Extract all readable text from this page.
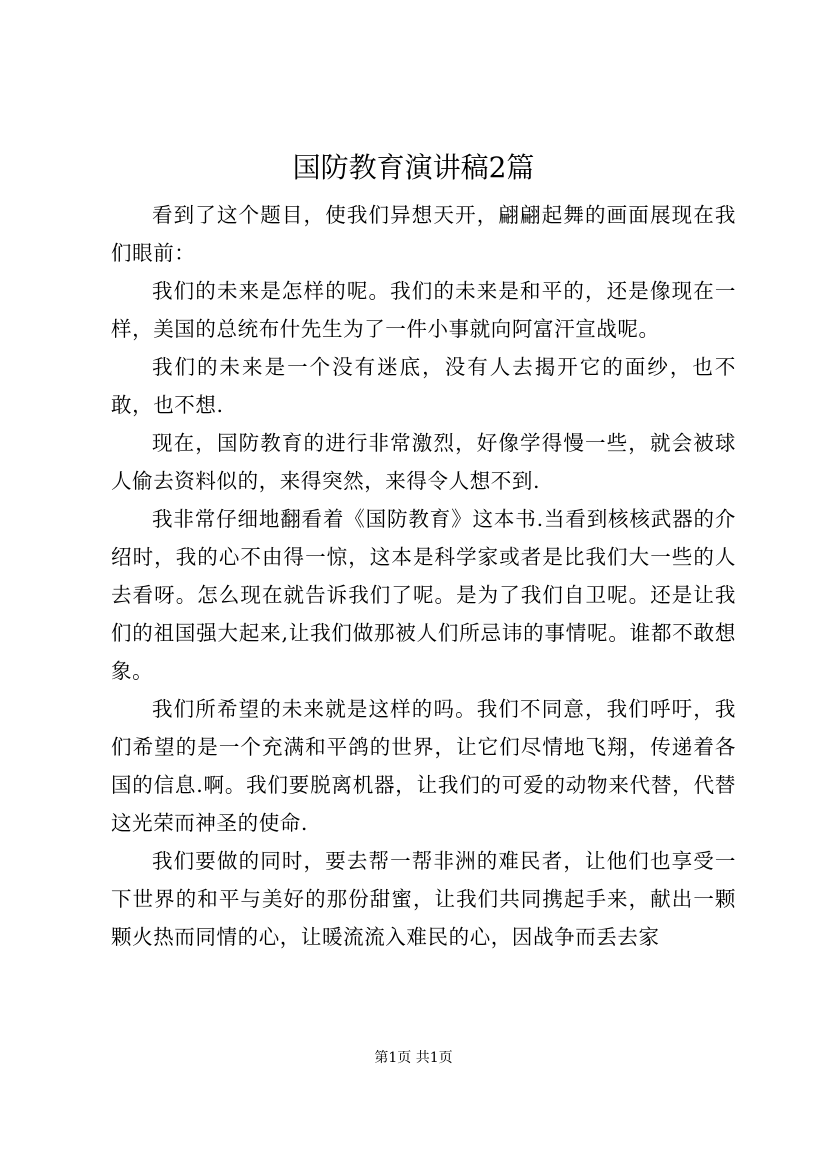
国防教育演讲稿2篇

看到了这个题目，使我们异想天开，翩翩起舞的画面展现在我们眼前：

我们的未来是怎样的呢。我们的未来是和平的，还是像现在一样，美国的总统布什先生为了一件小事就向阿富汗宣战呢。

我们的未来是一个没有迷底，没有人去揭开它的面纱，也不敢，也不想.

现在，国防教育的进行非常激烈，好像学得慢一些，就会被球人偷去资料似的，来得突然，来得令人想不到.

我非常仔细地翻看着《国防教育》这本书.当看到核核武器的介绍时，我的心不由得一惊，这本是科学家或者是比我们大一些的人去看呀。怎么现在就告诉我们了呢。是为了我们自卫呢。还是让我们的祖国强大起来,让我们做那被人们所忌讳的事情呢。谁都不敢想象。

我们所希望的未来就是这样的吗。我们不同意，我们呼吁，我们希望的是一个充满和平鸽的世界，让它们尽情地飞翔，传递着各国的信息.啊。我们要脱离机器，让我们的可爱的动物来代替，代替这光荣而神圣的使命.

我们要做的同时，要去帮一帮非洲的难民者，让他们也享受一下世界的和平与美好的那份甜蜜，让我们共同携起手来，献出一颗颗火热而同情的心，让暖流流入难民的心，因战争而丢去家

第1页 共1页
